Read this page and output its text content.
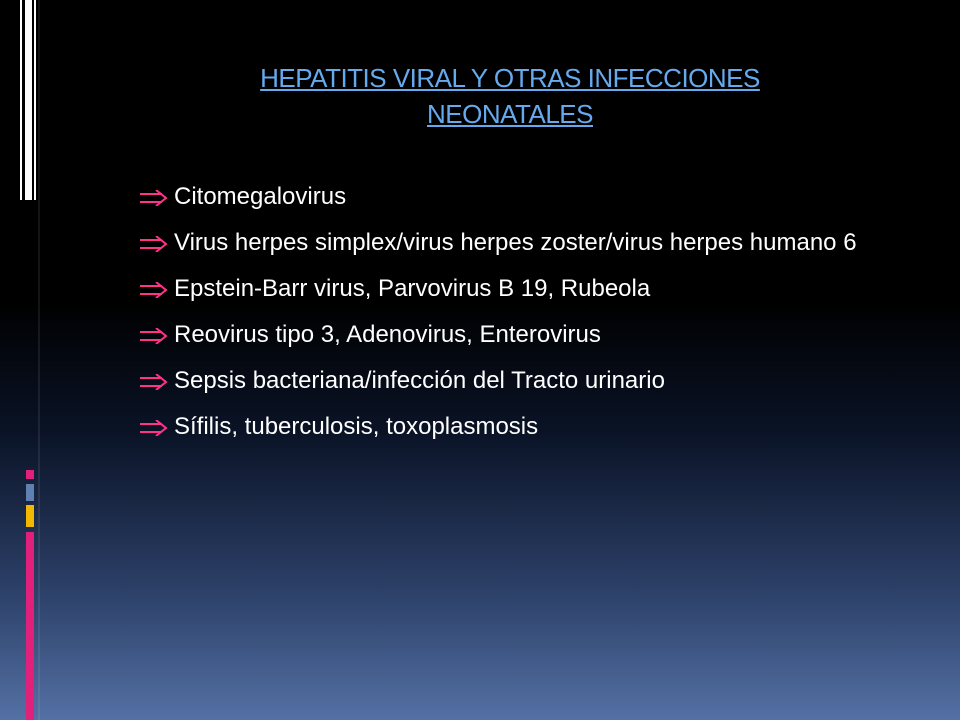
HEPATITIS VIRAL Y OTRAS INFECCIONES
NEONATALES
Citomegalovirus
Virus herpes simplex/virus herpes zoster/virus herpes humano 6
Epstein-Barr virus, Parvovirus B 19, Rubeola
Reovirus tipo 3, Adenovirus, Enterovirus
Sepsis bacteriana/infección del Tracto urinario
Sífilis, tuberculosis, toxoplasmosis
